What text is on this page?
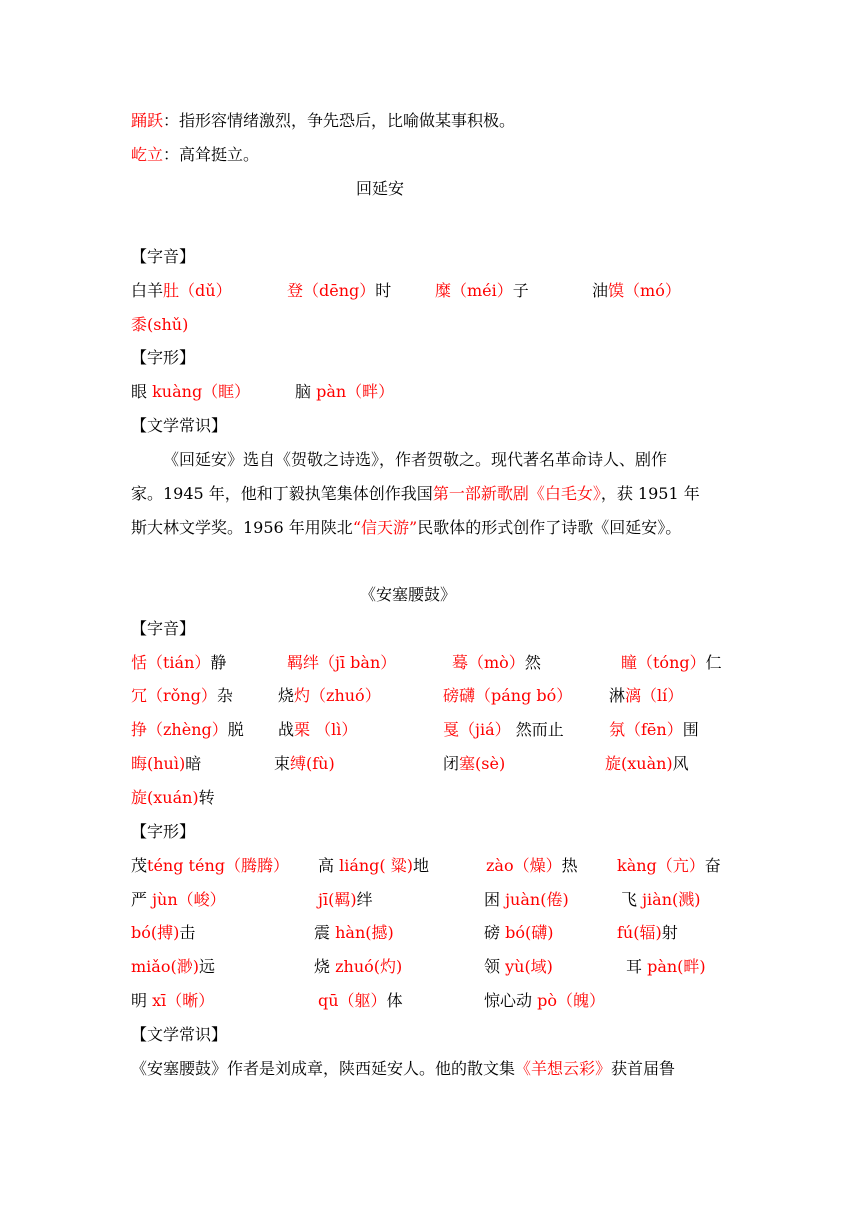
踊跃：指形容情绪激烈，争先恐后，比喻做某事积极。
屹立：高耸挺立。
回延安
【字音】
白羊肚（dǔ）	登（dēng）时	糜（méi）子	油馍（mó）
黍(shǔ)
【字形】
眼 kuàng（眶）	脑 pàn（畔）
【文学常识】
《回延安》选自《贺敬之诗选》，作者贺敬之。现代著名革命诗人、剧作
家。1945 年，他和丁毅执笔集体创作我国第一部新歌剧《白毛女》，获 1951 年
斯大林文学奖。1956 年用陕北“信天游”民歌体的形式创作了诗歌《回延安》。
《安塞腰鼓》
【字音】
恬（tián）静	羁绊（jī bàn）	蓦（mò）然	瞳（tóng）仁
冗（rǒng）杂	烧灼（zhuó）	磅礴（páng bó） 淋漓（lí）
挣（zhèng）脱 战栗 （lì）	戛（jiá） 然而止	氛（fēn）围
晦(huì)暗	束缚(fù)	闭塞(sè)	旋(xuàn)风
旋(xuán)转
【字形】
茂téng téng（腾腾） 高 liáng( 粱)地	zào（燥）热 kàng（亢）奋
严 jùn（峻）	jī(羁)绊	困 juàn(倦)	飞 jiàn(溅)
bó(搏)击	震 hàn(撼)	磅 bó(礴)	fú(辐)射
miǎo(渺)远	烧 zhuó(灼)	领 yù(域)	耳 pàn(畔)
明 xī（晰）	qū（躯）体	惊心动 pò（魄）
【文学常识】
《安塞腰鼓》作者是刘成章，陕西延安人。他的散文集《羊想云彩》获首届鲁
